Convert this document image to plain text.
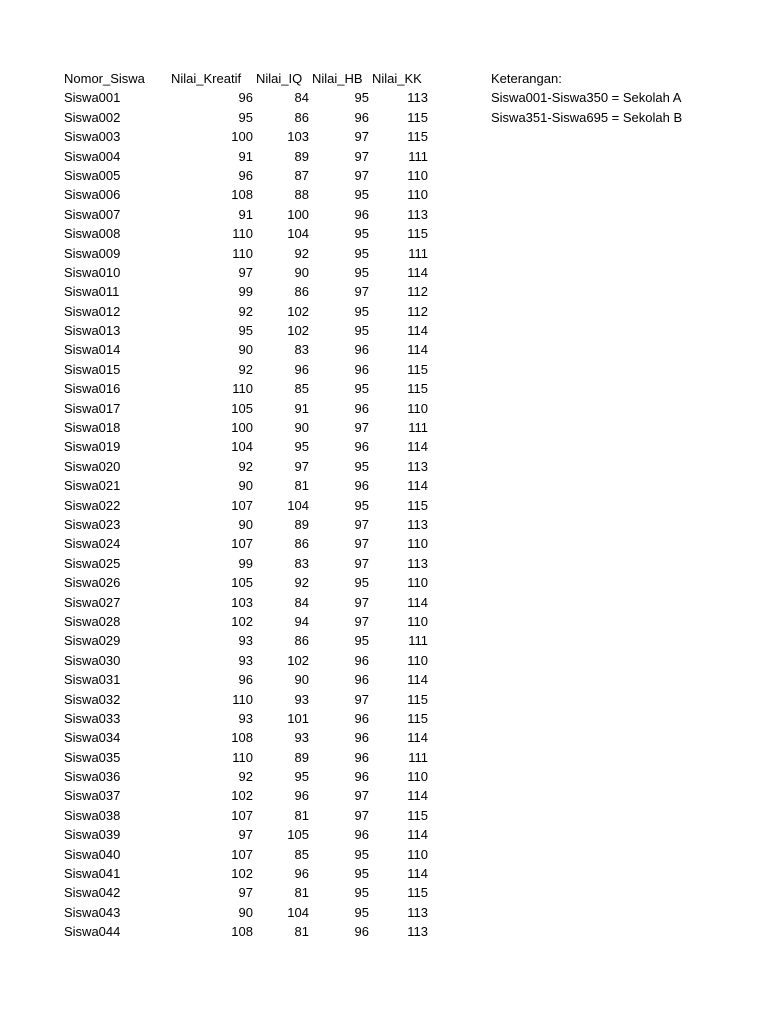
Nomor_Siswa Nilai_Kreatif Nilai_IQ Nilai_HB Nilai_KK
Siswa001	96	84	95	113
Siswa002	95	86	96	115
Siswa003	100	103	97	115
Siswa004	91	89	97	111
Siswa005	96	87	97	110
Siswa006	108	88	95	110
Siswa007	91	100	96	113
Siswa008	110	104	95	115
Siswa009	110	92	95	111
Siswa010	97	90	95	114
Siswa011	99	86	97	112
Siswa012	92	102	95	112
Siswa013	95	102	95	114
Siswa014	90	83	96	114
Siswa015	92	96	96	115
Siswa016	110	85	95	115
Siswa017	105	91	96	110
Siswa018	100	90	97	111
Siswa019	104	95	96	114
Siswa020	92	97	95	113
Siswa021	90	81	96	114
Siswa022	107	104	95	115
Siswa023	90	89	97	113
Siswa024	107	86	97	110
Siswa025	99	83	97	113
Siswa026	105	92	95	110
Siswa027	103	84	97	114
Siswa028	102	94	97	110
Siswa029	93	86	95	111
Siswa030	93	102	96	110
Siswa031	96	90	96	114
Siswa032	110	93	97	115
Siswa033	93	101	96	115
Siswa034	108	93	96	114
Siswa035	110	89	96	111
Siswa036	92	95	96	110
Siswa037	102	96	97	114
Siswa038	107	81	97	115
Siswa039	97	105	96	114
Siswa040	107	85	95	110
Siswa041	102	96	95	114
Siswa042	97	81	95	115
Siswa043	90	104	95	113
Siswa044	108	81	96	113
Keterangan:
Siswa001-Siswa350 = Sekolah A
Siswa351-Siswa695 = Sekolah B
